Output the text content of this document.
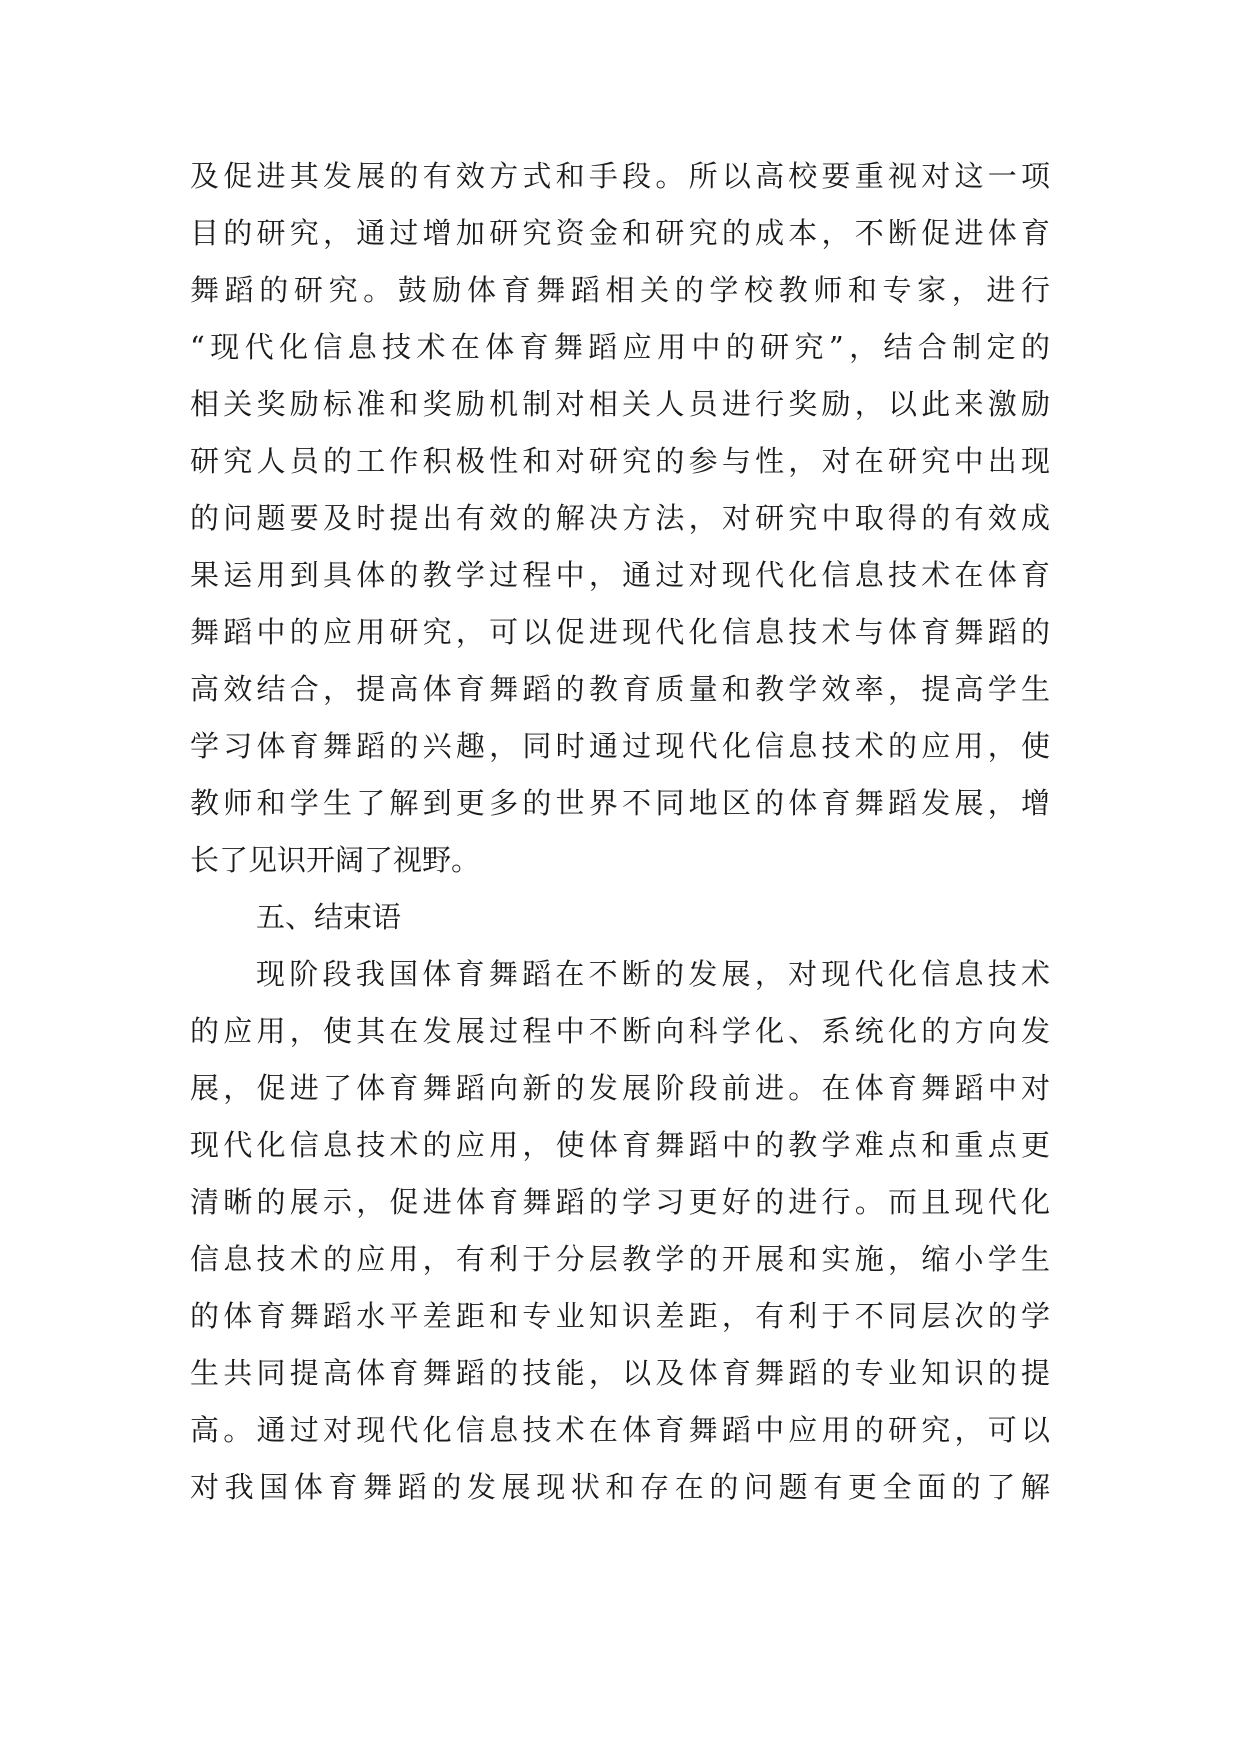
及促进其发展的有效方式和手段。所以高校要重视对这一项
目的研究，通过增加研究资金和研究的成本，不断促进体育
舞蹈的研究。鼓励体育舞蹈相关的学校教师和专家，进行
“现代化信息技术在体育舞蹈应用中的研究”，结合制定的
相关奖励标准和奖励机制对相关人员进行奖励，以此来激励
研究人员的工作积极性和对研究的参与性，对在研究中出现
的问题要及时提出有效的解决方法，对研究中取得的有效成
果运用到具体的教学过程中，通过对现代化信息技术在体育
舞蹈中的应用研究，可以促进现代化信息技术与体育舞蹈的
高效结合，提高体育舞蹈的教育质量和教学效率，提高学生
学习体育舞蹈的兴趣，同时通过现代化信息技术的应用，使
教师和学生了解到更多的世界不同地区的体育舞蹈发展，增
长了见识开阔了视野。
五、结束语
现阶段我国体育舞蹈在不断的发展，对现代化信息技术
的应用，使其在发展过程中不断向科学化、系统化的方向发
展，促进了体育舞蹈向新的发展阶段前进。在体育舞蹈中对
现代化信息技术的应用，使体育舞蹈中的教学难点和重点更
清晰的展示，促进体育舞蹈的学习更好的进行。而且现代化
信息技术的应用，有利于分层教学的开展和实施，缩小学生
的体育舞蹈水平差距和专业知识差距，有利于不同层次的学
生共同提高体育舞蹈的技能，以及体育舞蹈的专业知识的提
高。通过对现代化信息技术在体育舞蹈中应用的研究，可以
对我国体育舞蹈的发展现状和存在的问题有更全面的了解
